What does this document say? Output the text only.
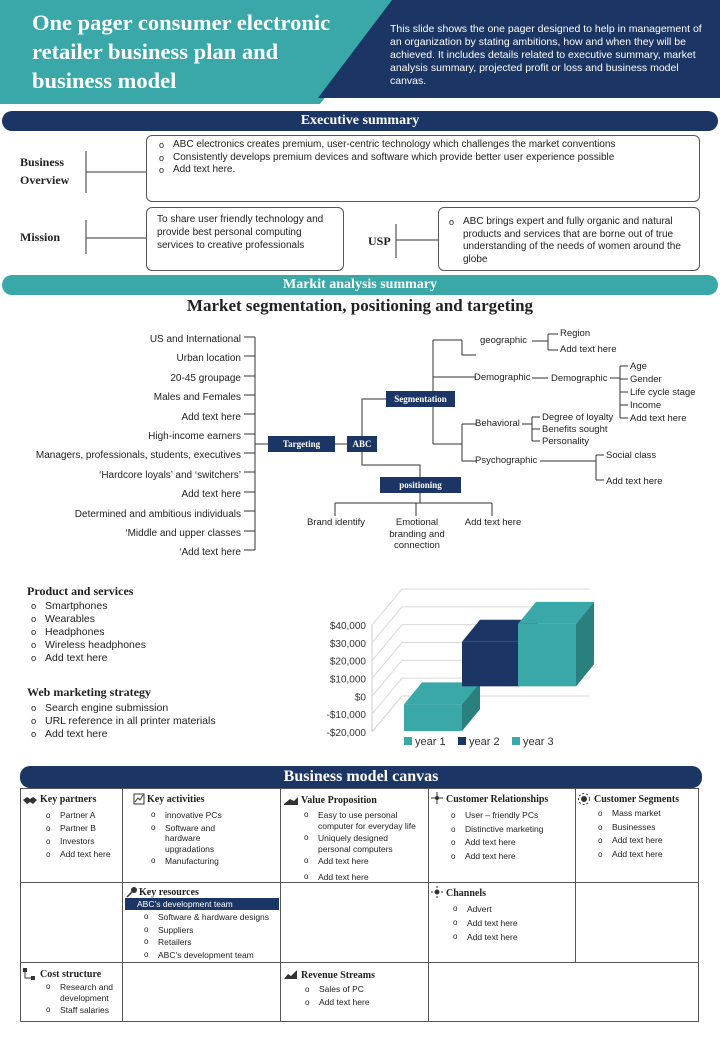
One pager consumer electronic retailer business plan and business model
This slide shows the one pager designed to help in management of an organization by stating ambitions, how and when they will be achieved. It includes details related to executive summary, market analysis summary, projected profit or loss and business model canvas.
Executive summary
Business
Overview
o ABC electronics creates premium, user-centric technology which challenges the market conventions
o Consistently develops premium devices and software which provide better user experience possible
o Add text here.
Mission
To share user friendly technology and provide best personal computing services to creative professionals	USP
o ABC brings expert and fully organic and natural products and services that are borne out of true understanding of the needs of women around the globe
Markit analysis summary
Market segmentation, positioning and targeting
US and International
Urban location
20-45 groupage
Males and Females
Add text here
High-income earners
Managers, professionals, students, executives
‘Hardcore loyals’ and ‘switchers’
Add text here
Determined and ambitious individuals
‘Middle and upper classes
‘Add text here
Targeting	ABC
Segmentation
positioning
geographic
Region
Add text here
Demographic Demographic
Age
Gender
Life cycle stage
Income
Add text here
Behavioral
Degree of loyalty
Benefits sought
Personality
Psychographic	Social class
Add text here
Brand identify	Emotional branding and connection
Add text here
Product and services
o Smartphones
o Wearables
o Headphones
o Wireless headphones
o Add text here
Web marketing strategy
o Search engine submission
o URL reference in all printer materials
o Add text here
$40,000
$30,000
$20,000
$10,000
$0
-$10,000
-$20,000
year 1 year 2 year 3
Business model canvas
Key partners	Key activities	Value Proposition	Customer Relationships	Customer Segments
Key resources	Channels
Cost structure	Revenue Streams
o Partner A
o Partner B
o Investors
o Add text here
o innovative PCs
o Software and hardware upgradations
o Manufacturing
o Easy to use personal computer for everyday life
o Uniquely designed personal computers
o Add text here
o Add text here
o User – friendly PCs
o Distinctive marketing
o Add text here
o Add text here
o Mass market
o Businesses
o Add text here
o Add text here
ABC’s development team
o Software & hardware designs
o Suppliers
o Retailers
o ABC’s development team
o Advert
o Add text here
o Add text here
o Research and development
o Staff salaries
o Sales of PC
o Add text here
